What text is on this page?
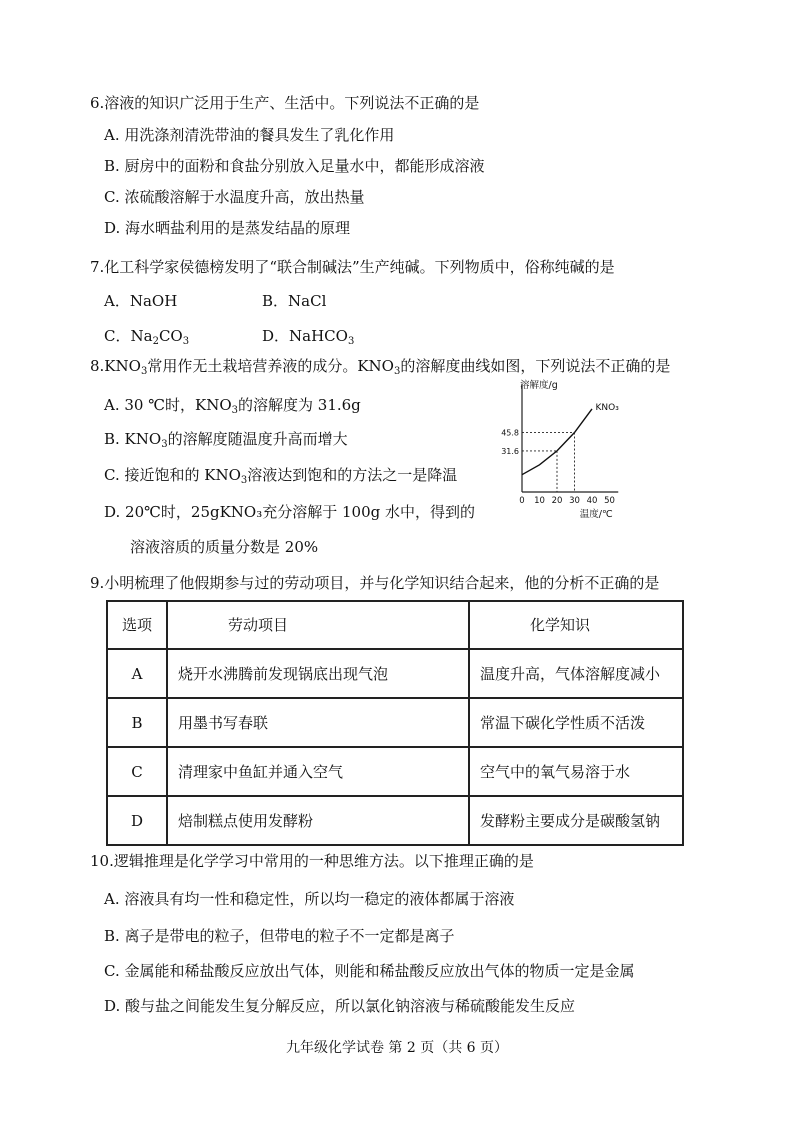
6.溶液的知识广泛用于生产、生活中。下列说法不正确的是
A. 用洗涤剂清洗带油的餐具发生了乳化作用
B. 厨房中的面粉和食盐分别放入足量水中，都能形成溶液
C. 浓硫酸溶解于水温度升高，放出热量
D. 海水晒盐利用的是蒸发结晶的原理
7.化工科学家侯德榜发明了“联合制碱法”生产纯碱。下列物质中，俗称纯碱的是
A．NaOH	B．NaCl
C．$Na_2CO_3$	D．NaHCO$_3$
$8.KNO_3$常用作无土栽培营养液的成分。$KNO_3$的溶解度曲线如图，下列说法不正确的是
A. 30 ℃时，$KNO_3$的溶解度为 31.6g
B. $KNO_3$的溶解度随温度升高而增大
C. 接近饱和的 $KNO_3$溶液达到饱和的方法之一是降温
D. 20℃时，25gKNO₃充分溶解于 100g 水中，得到的
溶液溶质的质量分数是 20%
溶解度/g
温度/℃
0 10 20 30 40 50
KNO₃
31.6
45.8
9.小明梳理了他假期参与过的劳动项目，并与化学知识结合起来，他的分析不正确的是
选项	劳动项目	化学知识
A	烧开水沸腾前发现锅底出现气泡	温度升高，气体溶解度减小
B	用墨书写春联	常温下碳化学性质不活泼
C	清理家中鱼缸并通入空气	空气中的氧气易溶于水
D	焙制糕点使用发酵粉	发酵粉主要成分是碳酸氢钠
10.逻辑推理是化学学习中常用的一种思维方法。以下推理正确的是
A. 溶液具有均一性和稳定性，所以均一稳定的液体都属于溶液
B. 离子是带电的粒子，但带电的粒子不一定都是离子
C. 金属能和稀盐酸反应放出气体，则能和稀盐酸反应放出气体的物质一定是金属
D. 酸与盐之间能发生复分解反应，所以氯化钠溶液与稀硫酸能发生反应
九年级化学试卷 第 2 页（共 6 页）
